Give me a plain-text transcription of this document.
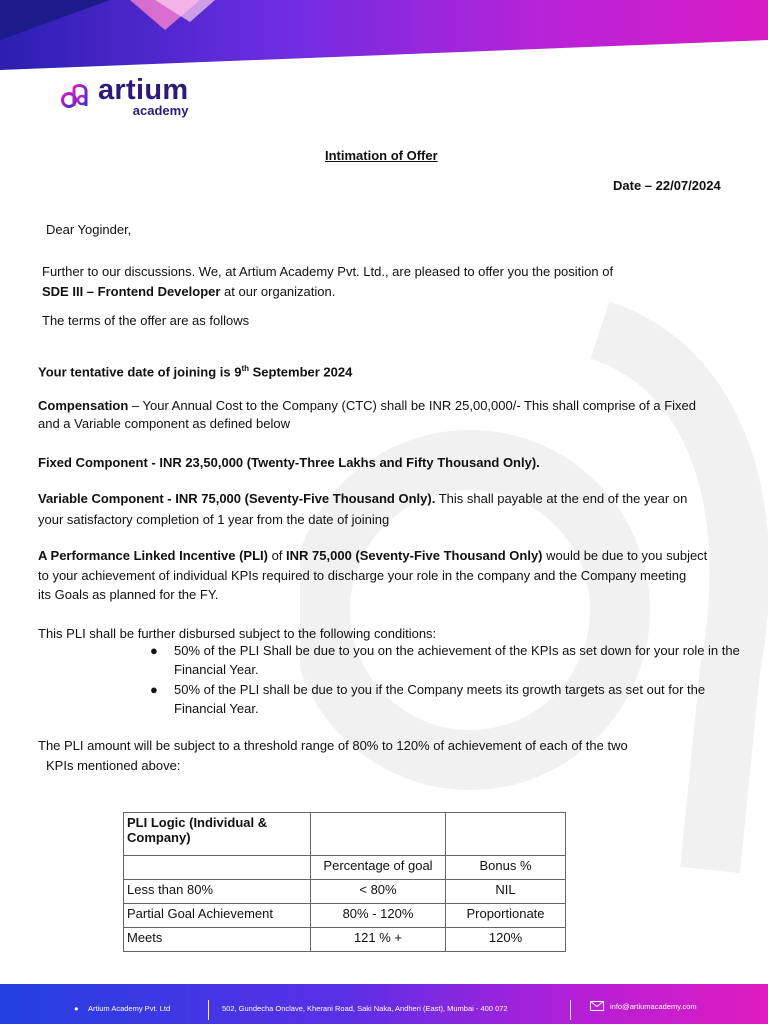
artium
academy
Intimation of Offer
Date – 22/07/2024
Dear Yoginder,
Further to our discussions. We, at Artium Academy Pvt. Ltd., are pleased to offer you the position of
SDE III – Frontend Developer at our organization.
The terms of the offer are as follows
Your tentative date of joining is 9th September 2024
Compensation – Your Annual Cost to the Company (CTC) shall be INR 25,00,000/- This shall comprise of a Fixed
and a Variable component as defined below
Fixed Component - INR 23,50,000 (Twenty-Three Lakhs and Fifty Thousand Only).
Variable Component - INR 75,000 (Seventy-Five Thousand Only). This shall payable at the end of the year on
your satisfactory completion of 1 year from the date of joining
A Performance Linked Incentive (PLI) of INR 75,000 (Seventy-Five Thousand Only) would be due to you subject
to your achievement of individual KPIs required to discharge your role in the company and the Company meeting
its Goals as planned for the FY.
This PLI shall be further disbursed subject to the following conditions:
●	50% of the PLI Shall be due to you on the achievement of the KPIs as set down for your role in the Financial Year.
●	50% of the PLI shall be due to you if the Company meets its growth targets as set out for the Financial Year.
The PLI amount will be subject to a threshold range of 80% to 120% of achievement of each of the two
KPIs mentioned above:
PLI Logic (Individual & Company)		
	Percentage of goal	Bonus %
Less than 80%	< 80%	NIL
Partial Goal Achievement	80% - 120%	Proportionate
Meets	121 % +	120%
● Artium Academy Pvt. Ltd	502, Gundecha Onclave, Kherani Road, Saki Naka, Andheri (East), Mumbai - 400 072	info@artiumacademy.com
